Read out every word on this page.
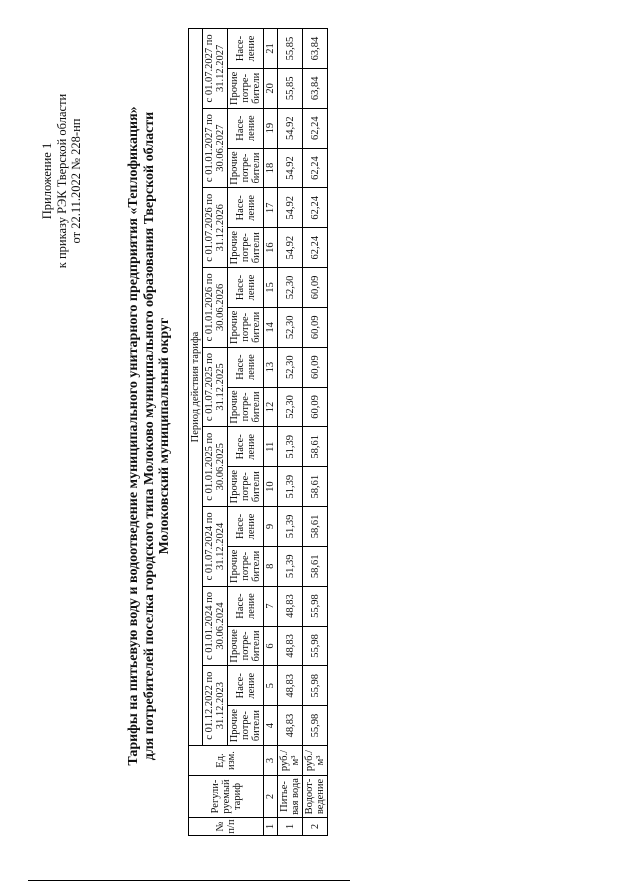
Приложение 1 к приказу РЭК Тверской области от 22.11.2022 № 228-нп	Тарифы на питьевую воду и водоотведение муниципального унитарного предприятия «Теплофикация» для потребителей поселка городского типа Молоково муниципального образования Тверской области Молоковский муниципальный округ
№ п/п	Регули-руемый тариф	Ед. изм.	Период действия тарифа																	
			с 01.12.2022 по 31.12.2023		с 01.01.2024 по 30.06.2024		с 01.07.2024 по 31.12.2024		с 01.01.2025 по 30.06.2025		с 01.07.2025 по 31.12.2025		с 01.01.2026 по 30.06.2026		с 01.07.2026 по 31.12.2026		с 01.01.2027 по 30.06.2027		с 01.07.2027 по 31.12.2027	
			Прочие потре-бители	Насе-ление	Прочие потре-бители	Насе-ление	Прочие потре-бители	Насе-ление	Прочие потре-бители	Насе-ление	Прочие потре-бители	Насе-ление	Прочие потре-бители	Насе-ление	Прочие потре-бители	Насе-ление	Прочие потре-бители	Насе-ление	Прочие потре-бители	Насе-ление
1	2	3	4	5	6	7	8	9	10	11	12	13	14	15	16	17	18	19	20	21
1	Питье-вая вода	руб./м³	48,83	48,83	48,83	48,83	51,39	51,39	51,39	51,39	52,30	52,30	52,30	52,30	54,92	54,92	54,92	54,92	55,85	55,85
2	Водоот-ведение	руб./м³	55,98	55,98	55,98	55,98	58,61	58,61	58,61	58,61	60,09	60,09	60,09	60,09	62,24	62,24	62,24	62,24	63,84	63,84
